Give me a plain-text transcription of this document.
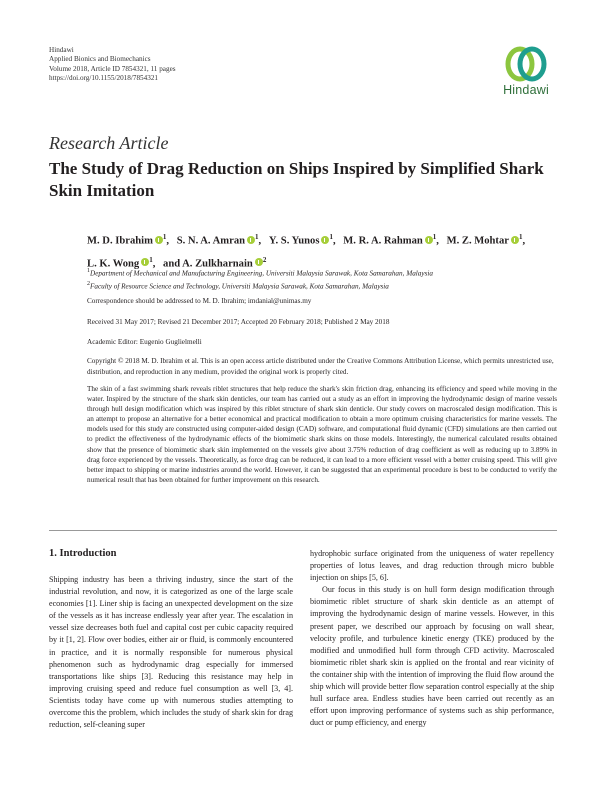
Hindawi
Applied Bionics and Biomechanics
Volume 2018, Article ID 7854321, 11 pages
https://doi.org/10.1155/2018/7854321
Hindawi
Research Article
The Study of Drag Reduction on Ships Inspired by Simplified Shark Skin Imitation
M. D. Ibrahim $^1$, S. N. A. Amran $^1$, Y. S. Yunos $^1$, M. R. A. Rahman $^1$, M. Z. Mohtar $^1$, L. K. Wong $^1$, and A. Zulkharnain $^2$
$^1$Department of Mechanical and Manufacturing Engineering, Universiti Malaysia Sarawak, Kota Samarahan, Malaysia
$^2$Faculty of Resource Science and Technology, Universiti Malaysia Sarawak, Kota Samarahan, Malaysia
Correspondence should be addressed to M. D. Ibrahim; imdanial@unimas.my
Received 31 May 2017; Revised 21 December 2017; Accepted 20 February 2018; Published 2 May 2018
Academic Editor: Eugenio Guglielmelli
Copyright © 2018 M. D. Ibrahim et al. This is an open access article distributed under the Creative Commons Attribution License, which permits unrestricted use, distribution, and reproduction in any medium, provided the original work is properly cited.

The skin of a fast swimming shark reveals riblet structures that help reduce the shark's skin friction drag, enhancing its efficiency and speed while moving in the water. Inspired by the structure of the shark skin denticles, our team has carried out a study as an effort in improving the hydrodynamic design of marine vessels through hull design modification which was inspired by this riblet structure of shark skin denticle. Our study covers on macroscaled design modification. This is an attempt to propose an alternative for a better economical and practical modification to obtain a more optimum cruising characteristics for marine vessels. The models used for this study are constructed using computer-aided design (CAD) software, and computational fluid dynamic (CFD) simulations are then carried out to predict the effectiveness of the hydrodynamic effects of the biomimetic shark skins on those models. Interestingly, the numerical calculated results obtained show that the presence of biomimetic shark skin implemented on the vessels give about 3.75% reduction of drag coefficient as well as reducing up to 3.89% in drag force experienced by the vessels. Theoretically, as force drag can be reduced, it can lead to a more efficient vessel with a better cruising speed. This will give better impact to shipping or marine industries around the world. However, it can be suggested that an experimental procedure is best to be conducted to verify the numerical result that has been obtained for further improvement on this research.

1. Introduction

Shipping industry has been a thriving industry, since the start of the industrial revolution, and now, it is categorized as one of the large scale economies [1]. Liner ship is facing an unexpected development on the size of the vessels as it has increase endlessly year after year. The escalation in vessel size decreases both fuel and capital cost per cubic capacity required by it [1, 2]. Flow over bodies, either air or fluid, is commonly encountered in practice, and it is normally responsible for numerous physical phenomenon such as hydrodynamic drag especially for immersed transportations like ships [3]. Reducing this resistance may help in improving cruising speed and reduce fuel consumption as well [3, 4]. Scientists today have come up with numerous studies attempting to overcome this the problem, which includes the study of shark skin for drag reduction, self-cleaning super

hydrophobic surface originated from the uniqueness of water repellency properties of lotus leaves, and drag reduction through micro bubble injection on ships [5, 6].

Our focus in this study is on hull form design modification through biomimetic riblet structure of shark skin denticle as an attempt of improving the hydrodynamic design of marine vessels. However, in this present paper, we described our approach by focusing on wall shear, velocity profile, and turbulence kinetic energy (TKE) produced by the modified and unmodified hull form through CFD activity. Macroscaled biomimetic riblet shark skin is applied on the frontal and rear vicinity of the container ship with the intention of improving the fluid flow around the ship which will provide better flow separation control especially at the ship hull surface area. Endless studies have been carried out recently as an effort upon improving performance of systems such as ship performance, duct or pump efficiency, and energy
